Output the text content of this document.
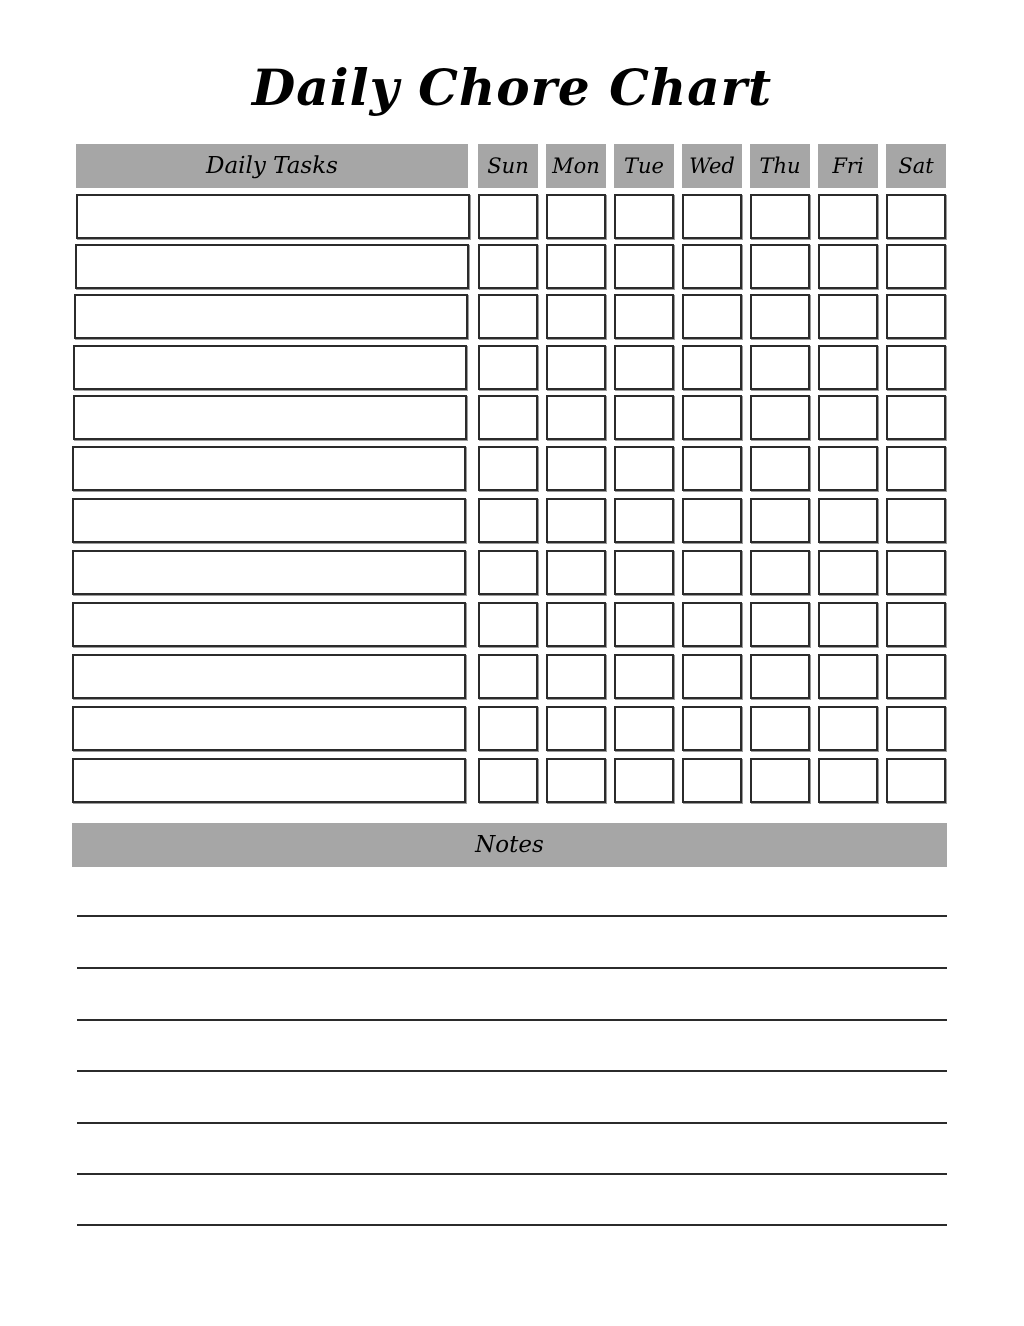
Daily Chore Chart
Daily Tasks	Sun	Mon	Tue	Wed	Thu	Fri	Sat
Notes
